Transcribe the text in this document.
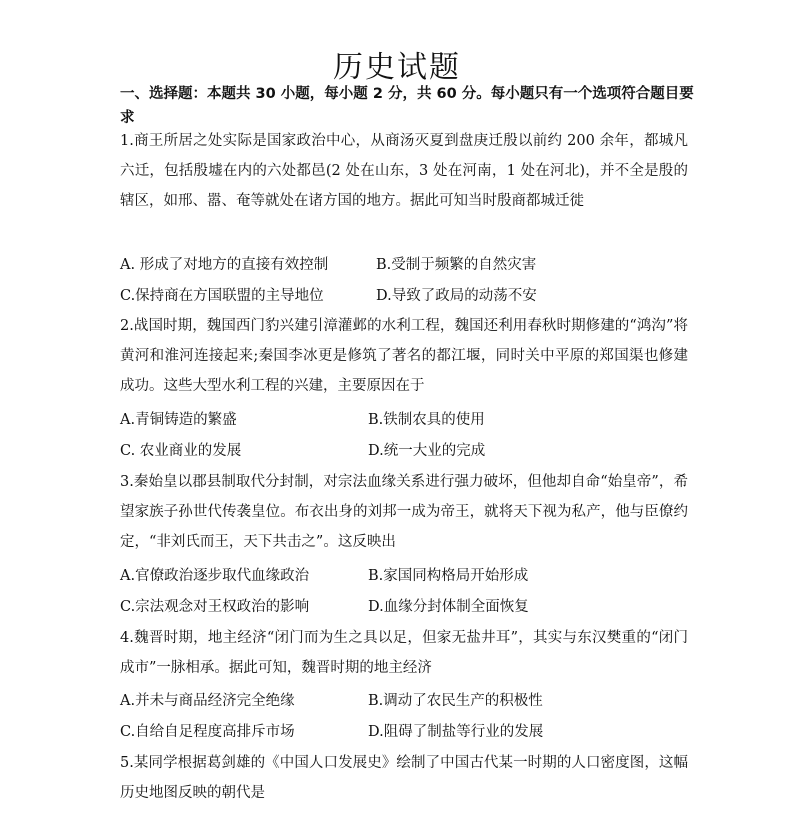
历史试题
一、选择题：本题共 30 小题，每小题 2 分，共 60 分。每小题只有一个选项符合题目要求
1.商王所居之处实际是国家政治中心，从商汤灭夏到盘庚迁殷以前约 200 余年，都城凡六迁，包括殷墟在内的六处都邑(2 处在山东，3 处在河南，1 处在河北)，并不全是殷的辖区，如邢、嚣、奄等就处在诸方国的地方。据此可知当时殷商都城迁徙
A. 形成了对地方的直接有效控制	B.受制于频繁的自然灾害
C.保持商在方国联盟的主导地位	D.导致了政局的动荡不安
2.战国时期，魏国西门豹兴建引漳灌邺的水利工程，魏国还利用春秋时期修建的“鸿沟”将黄河和淮河连接起来;秦国李冰更是修筑了著名的都江堰，同时关中平原的郑国渠也修建成功。这些大型水利工程的兴建，主要原因在于
A.青铜铸造的繁盛	B.铁制农具的使用
C. 农业商业的发展	D.统一大业的完成
3.秦始皇以郡县制取代分封制，对宗法血缘关系进行强力破坏，但他却自命“始皇帝”，希望家族子孙世代传袭皇位。布衣出身的刘邦一成为帝王，就将天下视为私产，他与臣僚约定，“非刘氏而王，天下共击之”。这反映出
A.官僚政治逐步取代血缘政治	B.家国同构格局开始形成
C.宗法观念对王权政治的影响	D.血缘分封体制全面恢复
4.魏晋时期，地主经济“闭门而为生之具以足，但家无盐井耳”，其实与东汉樊重的“闭门成市”一脉相承。据此可知，魏晋时期的地主经济
A.并未与商品经济完全绝缘	B.调动了农民生产的积极性
C.自给自足程度高排斥市场	D.阻碍了制盐等行业的发展
5.某同学根据葛剑雄的《中国人口发展史》绘制了中国古代某一时期的人口密度图，这幅历史地图反映的朝代是
